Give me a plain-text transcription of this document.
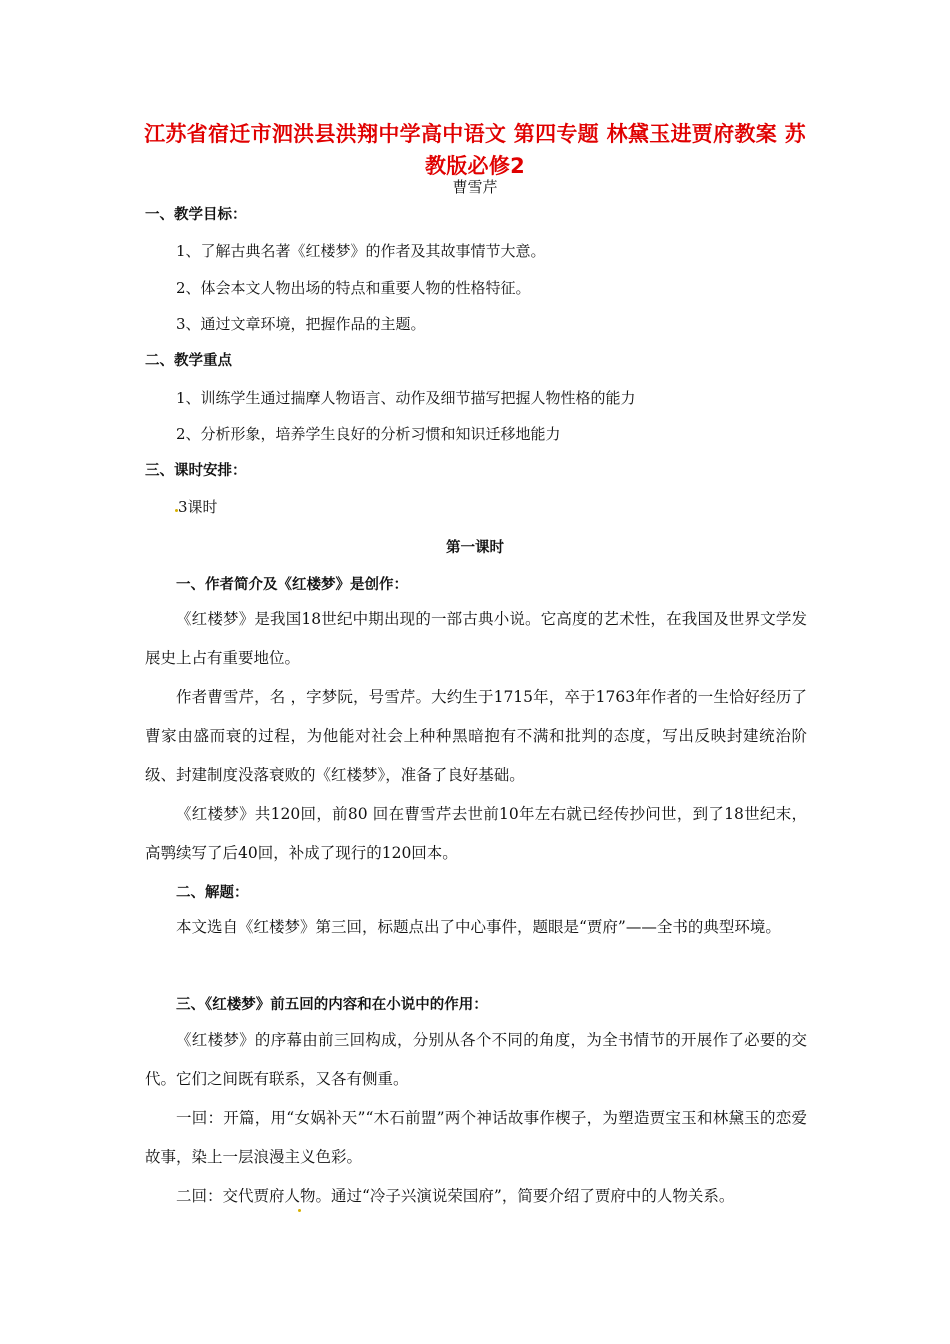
江苏省宿迁市泗洪县洪翔中学高中语文 第四专题 林黛玉进贾府教案 苏教版必修2
曹雪芹
一、教学目标：
1、了解古典名著《红楼梦》的作者及其故事情节大意。
2、体会本文人物出场的特点和重要人物的性格特征。
3、通过文章环境，把握作品的主题。
二、教学重点
1、训练学生通过揣摩人物语言、动作及细节描写把握人物性格的能力
2、分析形象，培养学生良好的分析习惯和知识迁移地能力
三、课时安排：
3课时
第一课时
一、作者简介及《红楼梦》是创作：
《红楼梦》是我国18世纪中期出现的一部古典小说。它高度的艺术性，在我国及世界文学发展史上占有重要地位。
作者曹雪芹，名 ，字梦阮，号雪芹。大约生于1715年，卒于1763年作者的一生恰好经历了曹家由盛而衰的过程，为他能对社会上种种黑暗抱有不满和批判的态度，写出反映封建统治阶级、封建制度没落衰败的《红楼梦》，准备了良好基础。
《红楼梦》共120回，前80 回在曹雪芹去世前10年左右就已经传抄问世，到了18世纪末，高鹗续写了后40回，补成了现行的120回本。
二、解题：
本文选自《红楼梦》第三回，标题点出了中心事件，题眼是“贾府”——全书的典型环境。
三、《红楼梦》前五回的内容和在小说中的作用：
《红楼梦》的序幕由前三回构成，分别从各个不同的角度，为全书情节的开展作了必要的交代。它们之间既有联系，又各有侧重。
一回：开篇，用“女娲补天”“木石前盟”两个神话故事作楔子，为塑造贾宝玉和林黛玉的恋爱故事，染上一层浪漫主义色彩。
二回：交代贾府人物。通过“冷子兴演说荣国府”，简要介绍了贾府中的人物关系。
